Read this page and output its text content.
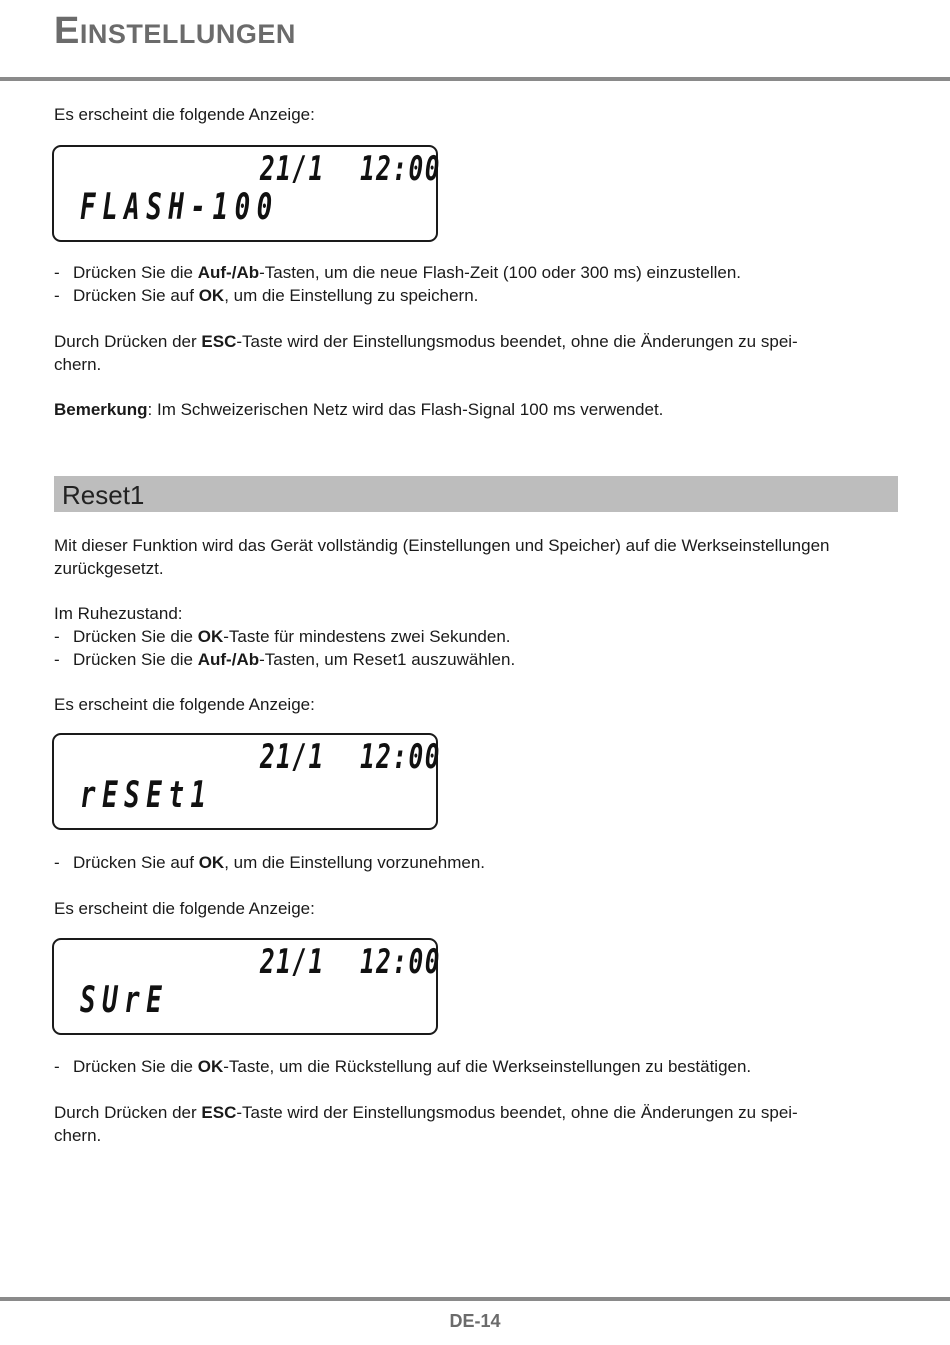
EINSTELLUNGEN

Es erscheint die folgende Anzeige:

21/1 12:00
FLASH-100
- Drücken Sie die Auf-/Ab-Tasten, um die neue Flash-Zeit (100 oder 300 ms) einzustellen.
- Drücken Sie auf OK, um die Einstellung zu speichern.
Durch Drücken der ESC-Taste wird der Einstellungsmodus beendet, ohne die Änderungen zu spei-
chern.
Bemerkung: Im Schweizerischen Netz wird das Flash-Signal 100 ms verwendet.
Reset1
Mit dieser Funktion wird das Gerät vollständig (Einstellungen und Speicher) auf die Werkseinstellungen
zurückgesetzt.

Im Ruhezustand:

- Drücken Sie die OK-Taste für mindestens zwei Sekunden.
- Drücken Sie die Auf-/Ab-Tasten, um Reset1 auszuwählen.

Es erscheint die folgende Anzeige:

21/1 12:00
rESEt1
- Drücken Sie auf OK, um die Einstellung vorzunehmen.

Es erscheint die folgende Anzeige:

21/1 12:00
SUrE
- Drücken Sie die OK-Taste, um die Rückstellung auf die Werkseinstellungen zu bestätigen.
Durch Drücken der ESC-Taste wird der Einstellungsmodus beendet, ohne die Änderungen zu spei-
chern.
DE-14
